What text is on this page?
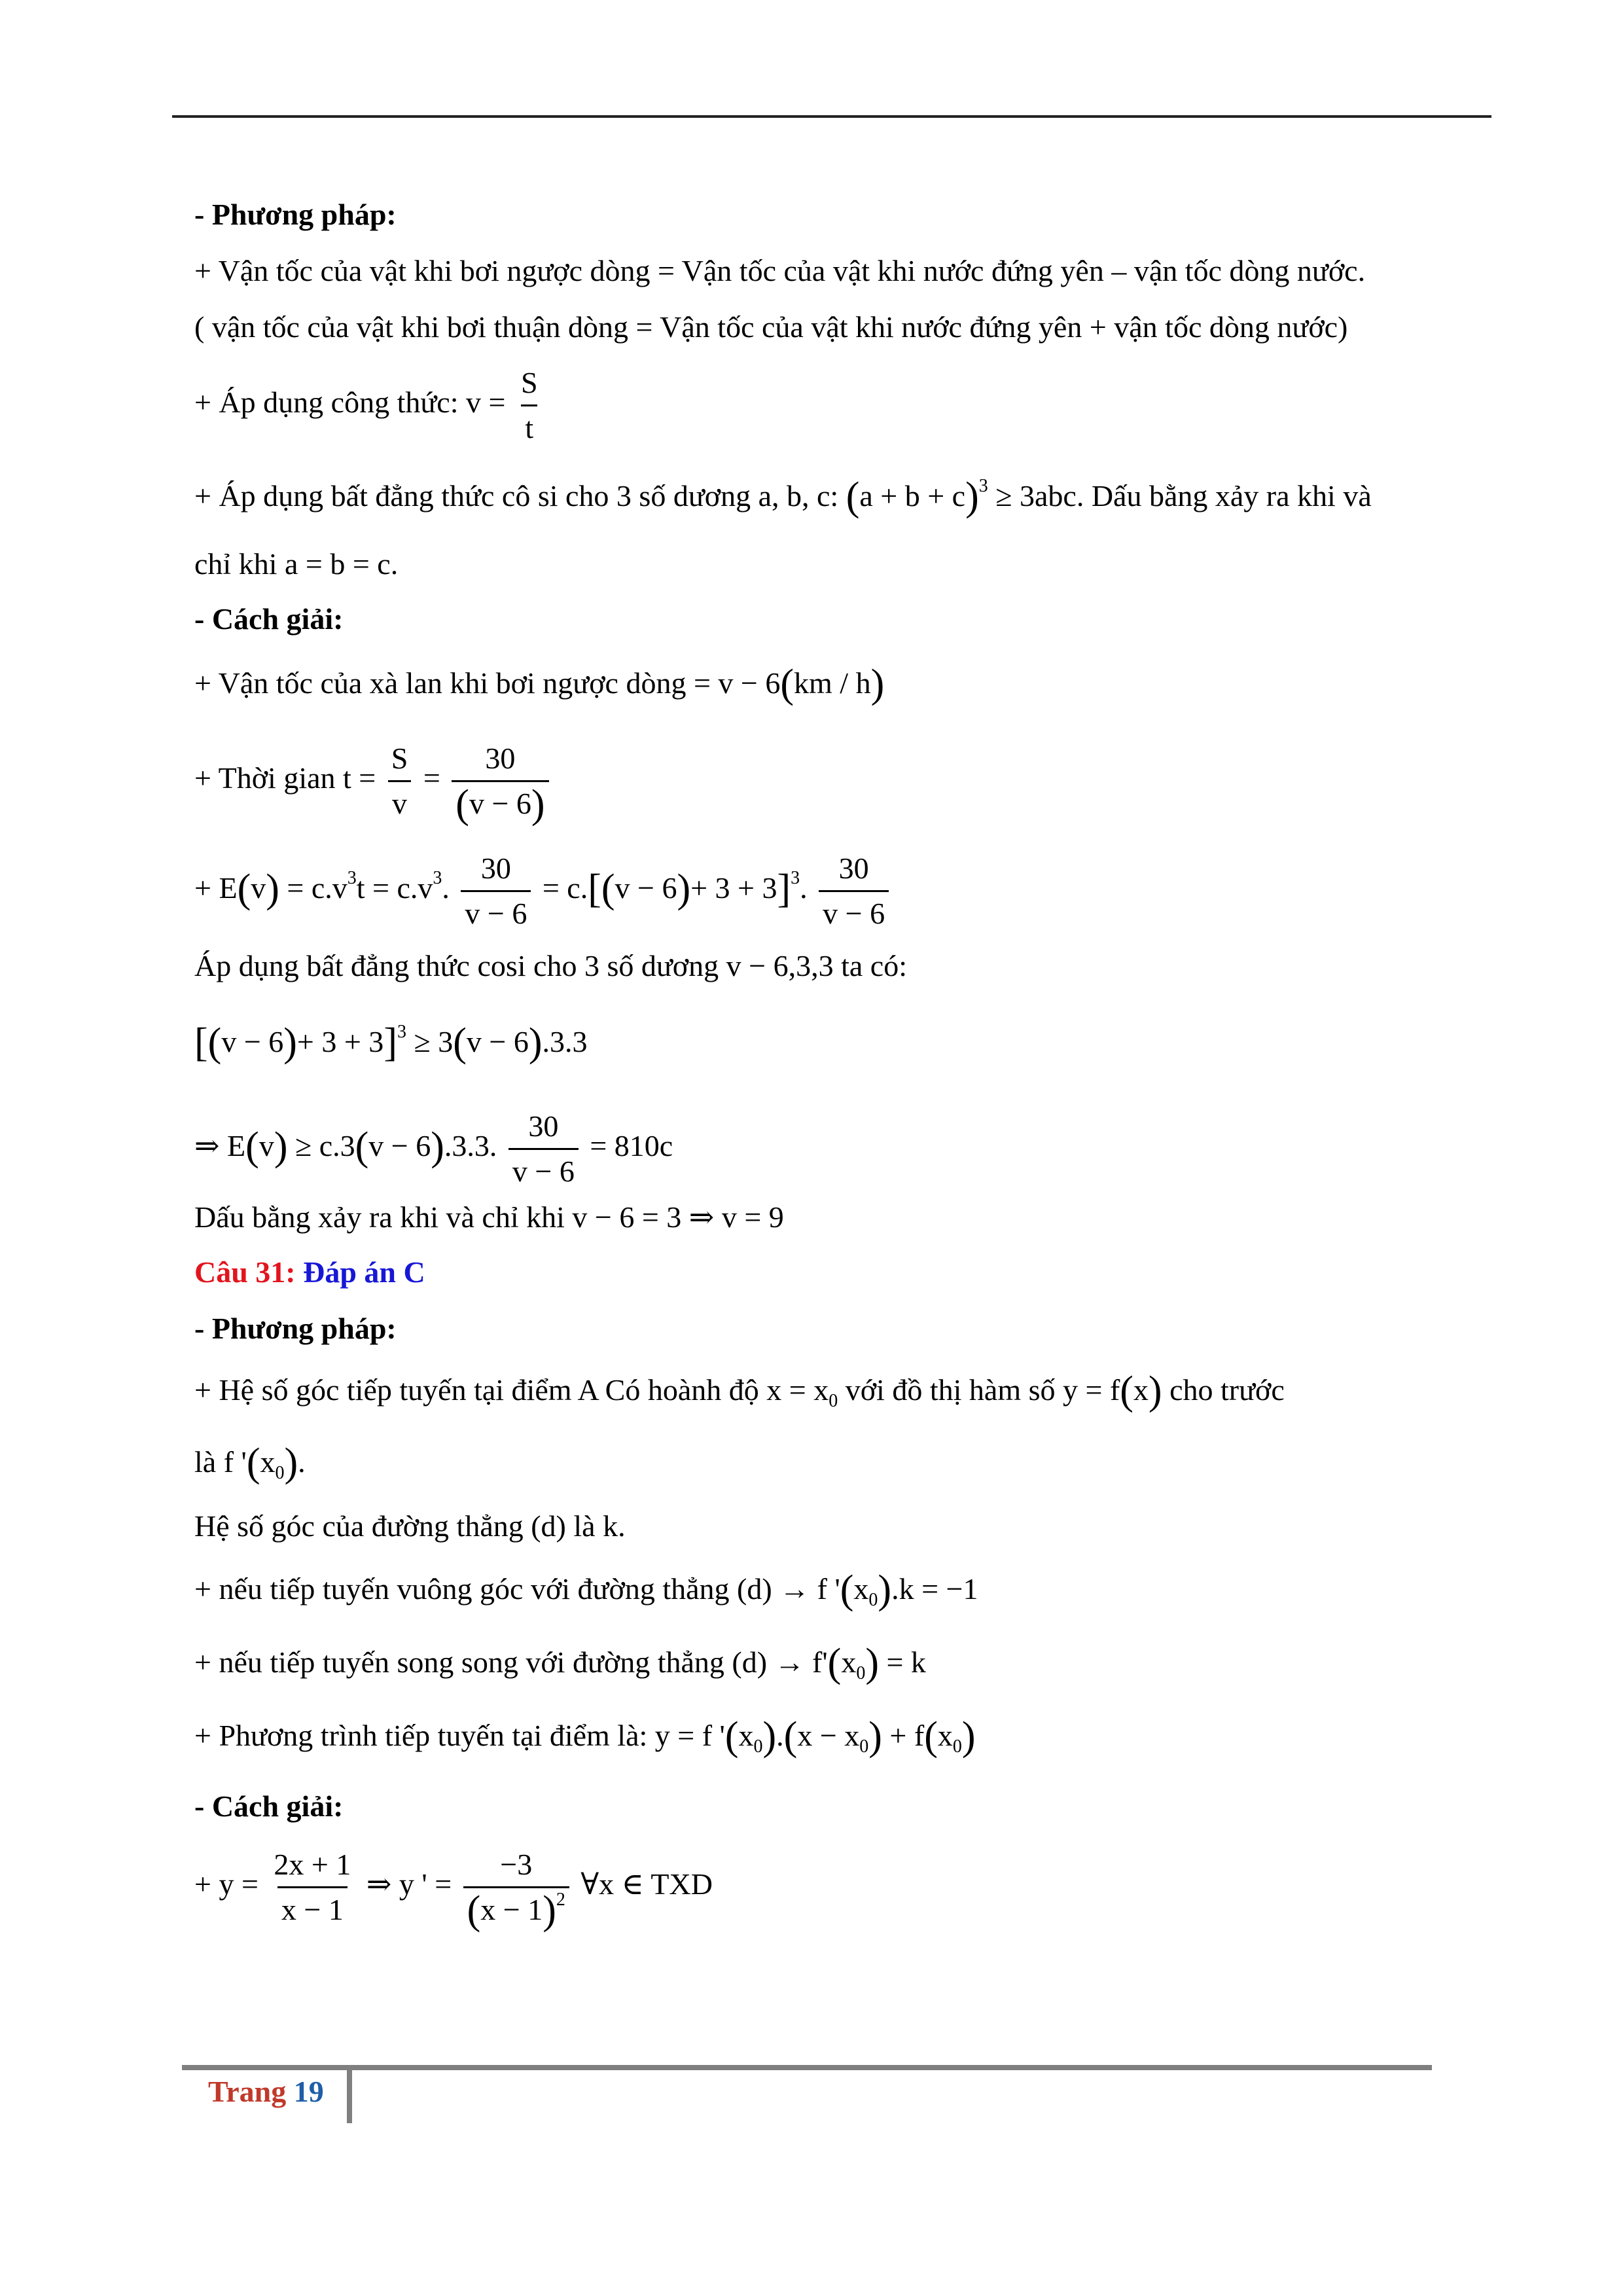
- Phương pháp:
+ Vận tốc của vật khi bơi ngược dòng = Vận tốc của vật khi nước đứng yên – vận tốc dòng nước.
( vận tốc của vật khi bơi thuận dòng = Vận tốc của vật khi nước đứng yên + vận tốc dòng nước)
+ Áp dụng công thức: $v = \frac{S}{t}$
+ Áp dụng bất đẳng thức cô si cho 3 số dương a, b, c: $(a + b + c)^3 \ge 3abc$. Dấu bằng xảy ra khi và
chỉ khi a = b = c.
- Cách giải:
+ Vận tốc của xà lan khi bơi ngược dòng = v − 6(km / h)
+ Thời gian $t = \frac{S}{v} = \frac{30}{(v - 6)}$
+ $E(v) = c.v^3t = c.v^3$. $\frac{30}{v - 6} = c.[(v - 6)+ 3 + 3]^3$. $\frac{30}{v - 6}$
Áp dụng bất đẳng thức cosi cho 3 số dương v − 6,3,3 ta có:
$[(v - 6)+ 3 + 3]^3 \ge 3(v - 6).3.3$
⇒ E(v) ≥ c.3(v − 6).3.3. $\frac{30}{v - 6} = 810c$
Dấu bằng xảy ra khi và chỉ khi v − 6 = 3 ⇒ v = 9
Câu 31: Đáp án C
- Phương pháp:
+ Hệ số góc tiếp tuyến tại điểm A Có hoành độ $x = x_0$ với đồ thị hàm số y = f(x) cho trước
là f '$(x_0)$.
Hệ số góc của đường thẳng (d) là k.
+ nếu tiếp tuyến vuông góc với đường thẳng (d) → f '$(x_0).k = -1$
+ nếu tiếp tuyến song song với đường thẳng $(d) \to f'(x_0) = k$
+ Phương trình tiếp tuyến tại điểm là: y = f '$(x_0).(x - x_0) + f(x_0)$
- Cách giải:
+ $y = \frac{2x + 1}{x - 1}$ ⇒ y ' = $\frac{-3}{(x - 1)^2}$ ∀x ∈ TXD
Trang 19
